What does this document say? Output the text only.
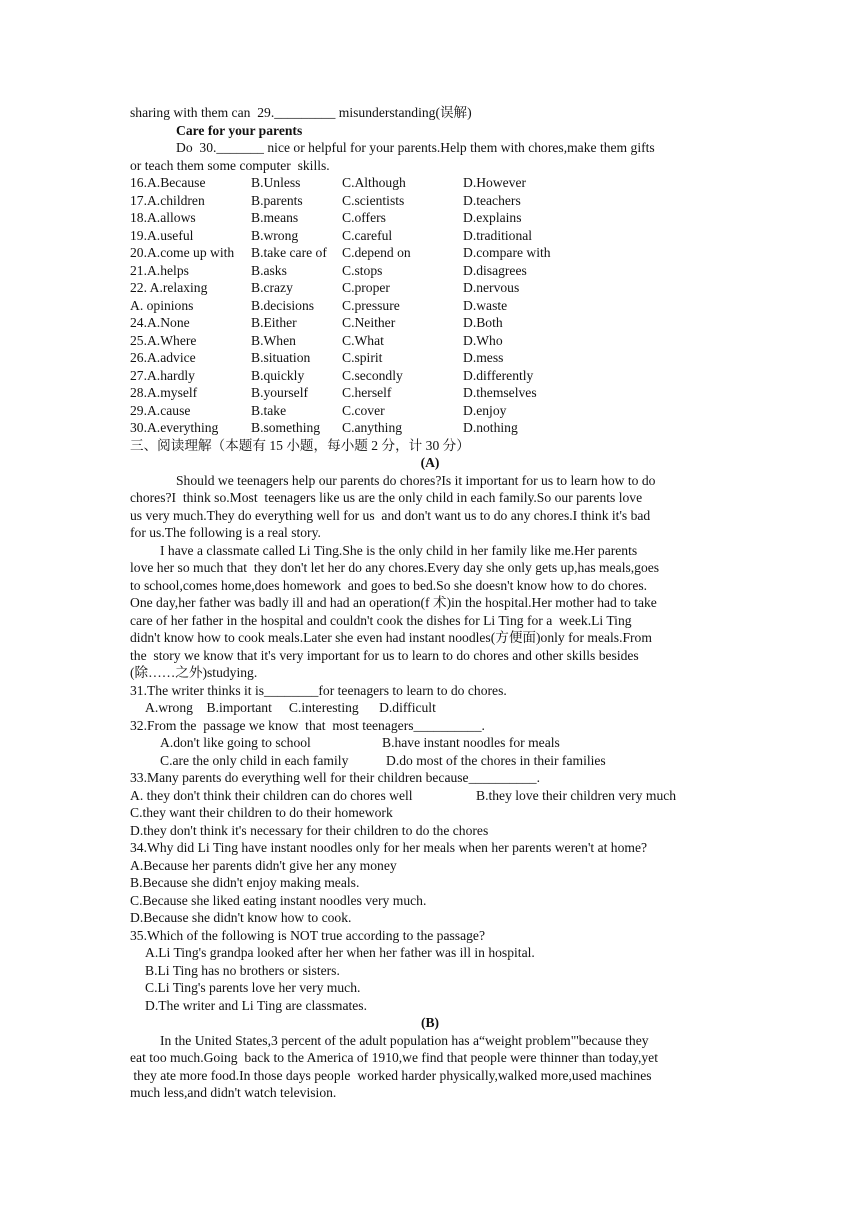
sharing with them can  29._________ misunderstanding(误解)
Care for your parents
Do  30._______ nice or helpful for your parents.Help them with chores,make them gifts
or teach them some computer  skills.
16.A.Because	B.Unless	C.Although	D.However
17.A.children	B.parents	C.scientists	D.teachers
18.A.allows	B.means	C.offers	D.explains
19.A.useful	B.wrong	C.careful	D.traditional
20.A.come up with	B.take care of	C.depend on	D.compare with
21.A.helps	B.asks	C.stops	D.disagrees
22. A.relaxing	B.crazy	C.proper	D.nervous
A. opinions	B.decisions	C.pressure	D.waste
24.A.None	B.Either	C.Neither	D.Both
25.A.Where	B.When	C.What	D.Who
26.A.advice	B.situation	C.spirit	D.mess
27.A.hardly	B.quickly	C.secondly	D.differently
28.A.myself	B.yourself	C.herself	D.themselves
29.A.cause	B.take	C.cover	D.enjoy
30.A.everything	B.something	C.anything	D.nothing
三、阅读理解（本题有 15 小题，每小题 2 分，计 30 分）
(A)
Should we teenagers help our parents do chores?Is it important for us to learn how to do
chores?I  think so.Most  teenagers like us are the only child in each family.So our parents love
us very much.They do everything well for us  and don't want us to do any chores.I think it's bad
for us.The following is a real story.
I have a classmate called Li Ting.She is the only child in her family like me.Her parents
love her so much that  they don't let her do any chores.Every day she only gets up,has meals,goes
to school,comes home,does homework  and goes to bed.So she doesn't know how to do chores.
One day,her father was badly ill and had an operation(f 术)in the hospital.Her mother had to take
care of her father in the hospital and couldn't cook the dishes for Li Ting for a  week.Li Ting
didn't know how to cook meals.Later she even had instant noodles(方便面)only for meals.From
the  story we know that it's very important for us to learn to do chores and other skills besides
(除……之外)studying.
31.The writer thinks it is________for teenagers to learn to do chores.
A.wrong    B.important     C.interesting      D.difficult
32.From the  passage we know  that  most teenagers__________.
A.don't like going to school	B.have instant noodles for meals
C.are the only child in each family	D.do most of the chores in their families
33.Many parents do everything well for their children because__________.
A. they don't think their children can do chores well	B.they love their children very much
C.they want their children to do their homework
D.they don't think it's necessary for their children to do the chores
34.Why did Li Ting have instant noodles only for her meals when her parents weren't at home?
A.Because her parents didn't give her any money
B.Because she didn't enjoy making meals.
C.Because she liked eating instant noodles very much.
D.Because she didn't know how to cook.
35.Which of the following is NOT true according to the passage?
A.Li Ting's grandpa looked after her when her father was ill in hospital.
B.Li Ting has no brothers or sisters.
C.Li Ting's parents love her very much.
D.The writer and Li Ting are classmates.
(B)
In the United States,3 percent of the adult population has a“weight problem"'because they
eat too much.Going  back to the America of 1910,we find that people were thinner than today,yet
they ate more food.In those days people  worked harder physically,walked more,used machines
much less,and didn't watch television.
